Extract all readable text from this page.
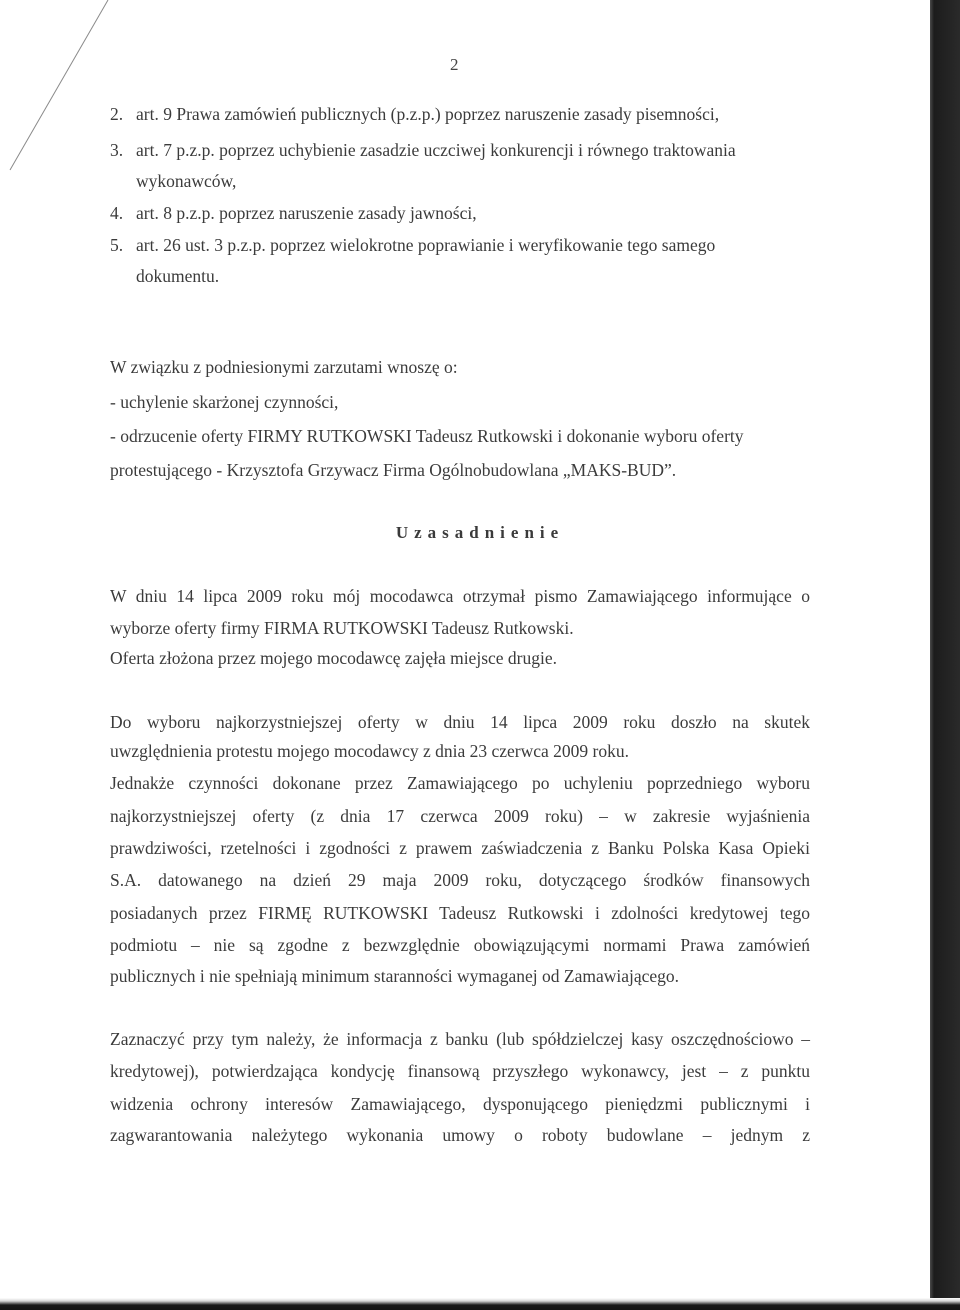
2
2. art. 9 Prawa zamówień publicznych (p.z.p.) poprzez naruszenie zasady pisemności,
3. art. 7 p.z.p. poprzez uchybienie zasadzie uczciwej konkurencji i równego traktowania
wykonawców,
4. art. 8 p.z.p. poprzez naruszenie zasady jawności,
5. art. 26 ust. 3 p.z.p. poprzez wielokrotne poprawianie i weryfikowanie tego samego
dokumentu.
W związku z podniesionymi zarzutami wnoszę o:
- uchylenie skarżonej czynności,
- odrzucenie oferty FIRMY RUTKOWSKI Tadeusz Rutkowski i dokonanie wyboru oferty
protestującego - Krzysztofa Grzywacz Firma Ogólnobudowlana „MAKS-BUD”.
Uzasadnienie
W dniu 14 lipca 2009 roku mój mocodawca otrzymał pismo Zamawiającego informujące o
wyborze oferty firmy FIRMA RUTKOWSKI Tadeusz Rutkowski.
Oferta złożona przez mojego mocodawcę zajęła miejsce drugie.
Do wyboru najkorzystniejszej oferty w dniu 14 lipca 2009 roku doszło na skutek
uwzględnienia protestu mojego mocodawcy z dnia 23 czerwca 2009 roku.
Jednakże czynności dokonane przez Zamawiającego po uchyleniu poprzedniego wyboru
najkorzystniejszej oferty (z dnia 17 czerwca 2009 roku) – w zakresie wyjaśnienia
prawdziwości, rzetelności i zgodności z prawem zaświadczenia z Banku Polska Kasa Opieki
S.A. datowanego na dzień 29 maja 2009 roku, dotyczącego środków finansowych
posiadanych przez FIRMĘ RUTKOWSKI Tadeusz Rutkowski i zdolności kredytowej tego
podmiotu – nie są zgodne z bezwzględnie obowiązującymi normami Prawa zamówień
publicznych i nie spełniają minimum staranności wymaganej od Zamawiającego.
Zaznaczyć przy tym należy, że informacja z banku (lub spółdzielczej kasy oszczędnościowo –
kredytowej), potwierdzająca kondycję finansową przyszłego wykonawcy, jest – z punktu
widzenia ochrony interesów Zamawiającego, dysponującego pieniędzmi publicznymi i
zagwarantowania należytego wykonania umowy o roboty budowlane – jednym z
